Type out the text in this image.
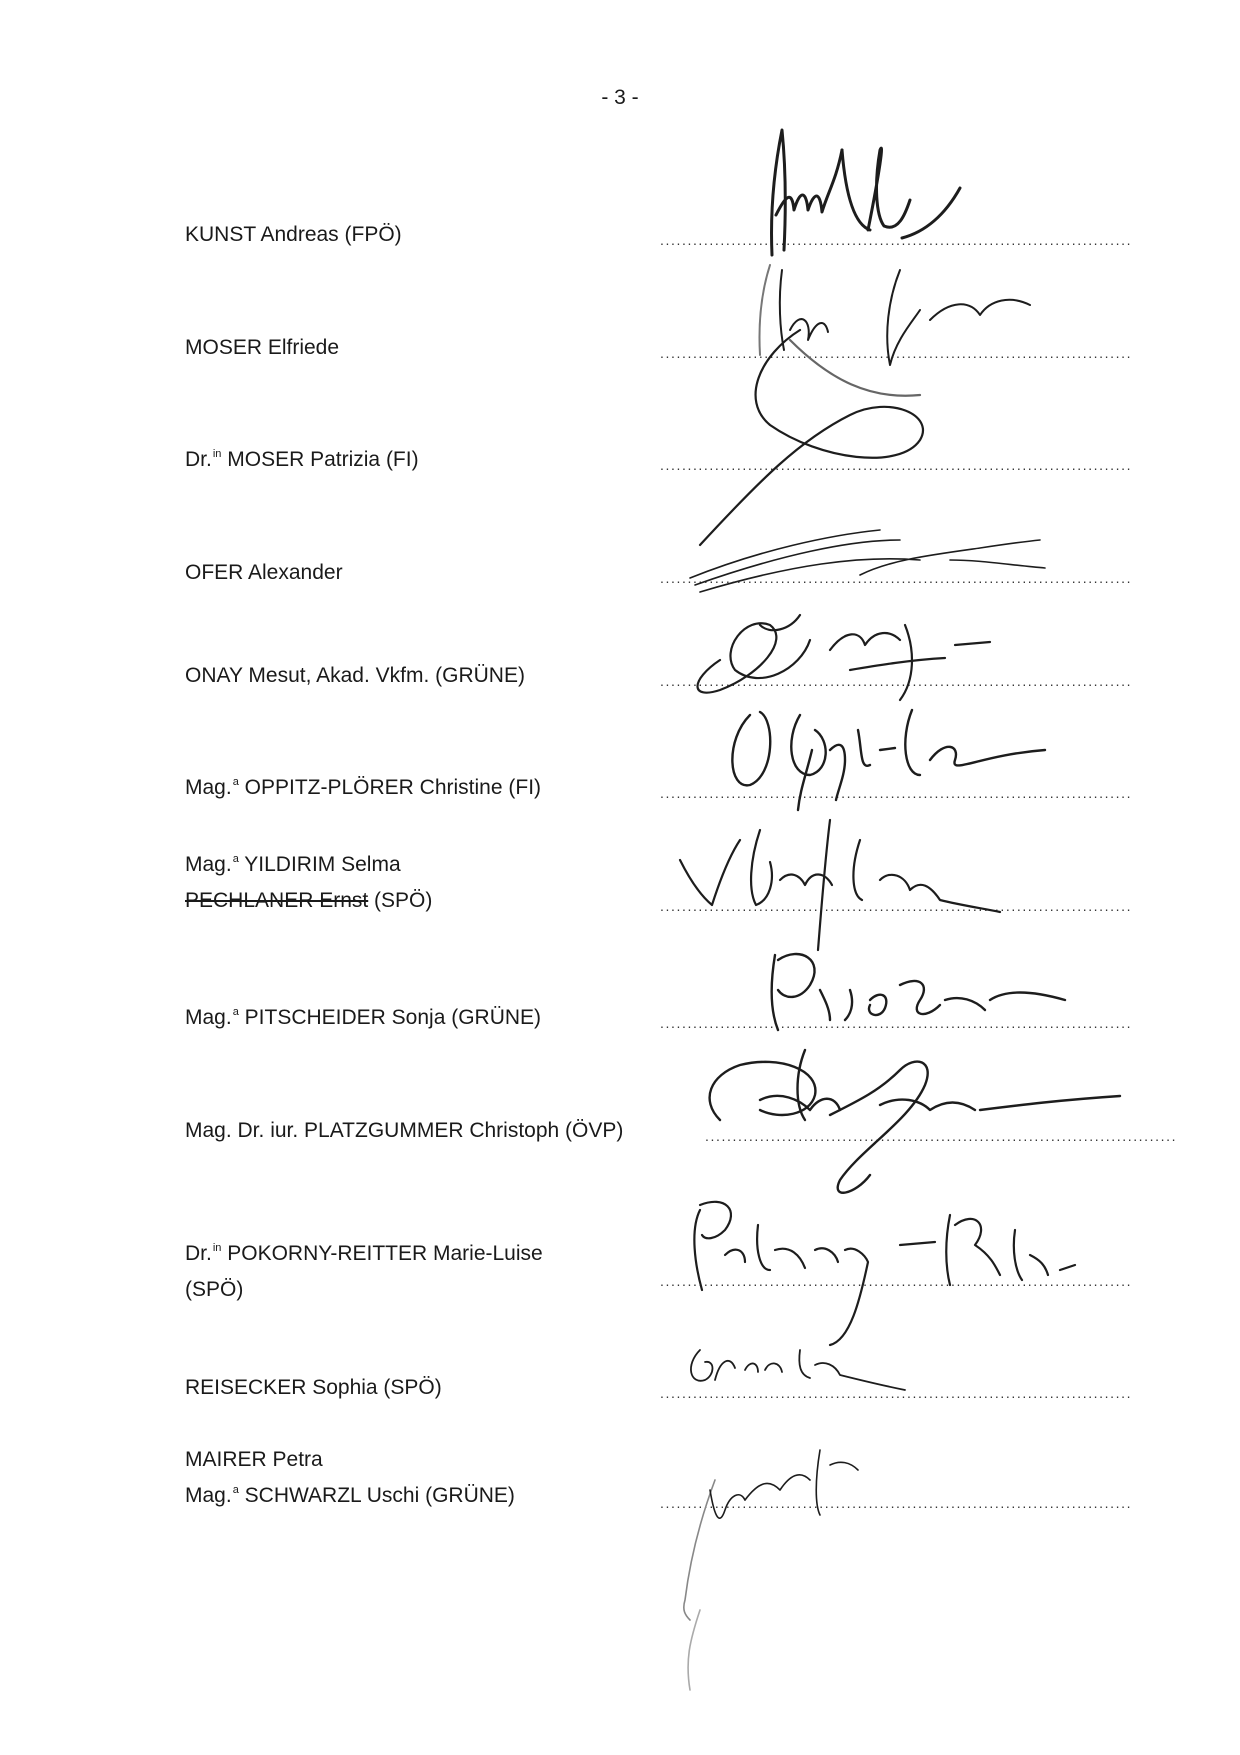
- 3 -
KUNST Andreas (FPÖ)	......................................................................................
MOSER Elfriede	......................................................................................
Dr.$^{in}$ MOSER Patrizia (FI)	......................................................................................
OFER Alexander	......................................................................................
ONAY Mesut, Akad. Vkfm. (GRÜNE)	......................................................................................
Mag.$^a$ OPPITZ-PLÖRER Christine (FI)	......................................................................................
Mag.$^a$ YILDIRIM Selma
PECHLANER Ernst (SPÖ)	......................................................................................
Mag.$^a$ PITSCHEIDER Sonja (GRÜNE)	......................................................................................
Mag. Dr. iur. PLATZGUMMER Christoph (ÖVP)	......................................................................................
Dr.$^{in}$ POKORNY-REITTER Marie-Luise (SPÖ)	......................................................................................
REISECKER Sophia (SPÖ)	......................................................................................
MAIRER Petra
Mag.$^a$ SCHWARZL Uschi (GRÜNE)	......................................................................................
